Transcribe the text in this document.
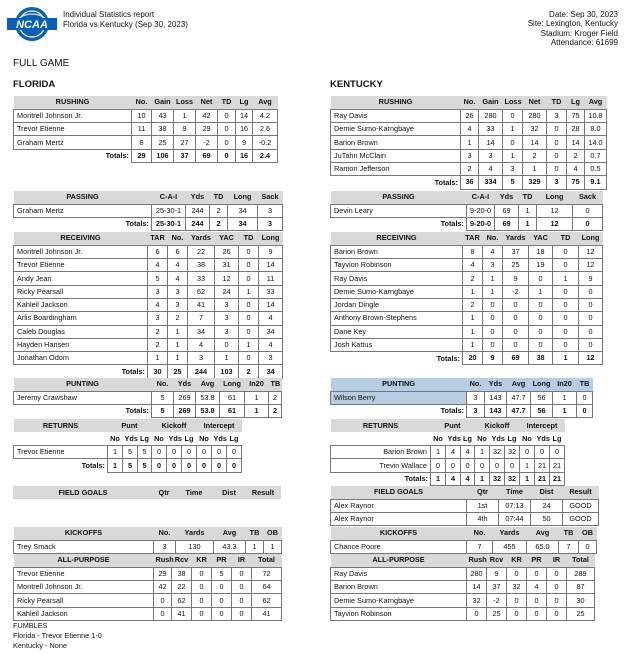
NCAA
Individual Statistics report
Florida vs Kentucky (Sep 30, 2023)
Date: Sep 30, 2023
Site: Lexington, Kentucky
Stadium: Kroger Field
Attendance: 61699
FULL GAME
FLORIDA	KENTUCKY
RUSHING	No.	Gain	Loss	Net	TD	Lg	Avg
Montrell Johnson Jr.	10	43	1	42	0	14	4.2
Trevor Etienne	11	38	9	29	0	16	2.6
Graham Mertz	8	25	27	-2	0	9	-0.2
Totals:	29	106	37	69	0	16	2.4
PASSING	C-A-I	Yds	TD	Long	Sack
Graham Mertz	25-30-1	244	2	34	3
Totals:	25-30-1	244	2	34	3
RECEIVING	TAR	No.	Yards	YAC	TD	Long
Montrell Johnson Jr.	6	6	22	26	0	9
Trevor Etienne	4	4	38	31	0	14
Andy Jean	5	4	33	12	0	11
Ricky Pearsall	3	3	62	24	1	33
Kahleil Jackson	4	3	41	3	0	14
Arlis Boardingham	3	2	7	3	0	4
Caleb Douglas	2	1	34	3	0	34
Hayden Hansen	2	1	4	0	1	4
Jonathan Odom	1	1	3	1	0	3
Totals:	30	25	244	103	2	34
PUNTING	No.	Yds	Avg	Long	In20	TB
Jeremy Crawshaw	5	269	53.8	61	1	2
Totals:	5	269	53.8	61	1	2
RETURNS	Punt			Kickoff			Intercept		
	No	Yds	Lg	No	Yds	Lg	No	Yds	Lg
Trevor Etienne	1	5	5	0	0	0	0	0	0
Totals:	1	5	5	0	0	0	0	0	0
FIELD GOALS	Qtr	Time	Dist	Result
KICKOFFS	No.	Yards	Avg	TB	OB
Trey Smack	3	130	43.3	1	1
ALL-PURPOSE	Rush	Rcv	KR	PR	IR	Total
Trevor Etienne	29	38	0	5	0	72
Montrell Johnson Jr.	42	22	0	0	0	64
Ricky Pearsall	0	62	0	0	0	62
Kahleil Jackson	0	41	0	0	0	41
RUSHING	No.	Gain	Loss	Net	TD	Lg	Avg
Ray Davis	26	280	0	280	3	75	10.8
Demie Sumo-Karngbaye	4	33	1	32	0	28	8.0
Barion Brown	1	14	0	14	0	14	14.0
JuTahn McClain	3	3	1	2	0	2	0.7
Ramon Jefferson	2	4	3	1	0	4	0.5
Totals:	36	334	5	329	3	75	9.1
PASSING	C-A-I	Yds	TD	Long	Sack
Devin Leary	9-20-0	69	1	12	0
Totals:	9-20-0	69	1	12	0
RECEIVING	TAR	No.	Yards	YAC	TD	Long
Barion Brown	8	4	37	18	0	12
Tayvion Robinson	4	3	25	19	0	12
Ray Davis	2	1	9	0	1	9
Demie Sumo-Karngbaye	1	1	-2	1	0	0
Jordan Dingle	2	0	0	0	0	0
Anthony Brown-Stephens	1	0	0	0	0	0
Dane Key	1	0	0	0	0	0
Josh Kattus	1	0	0	0	0	0
Totals:	20	9	69	38	1	12
PUNTING	No.	Yds	Avg	Long	In20	TB
Wilson Berry	3	143	47.7	56	1	0
Totals:	3	143	47.7	56	1	0
RETURNS	Punt			Kickoff			Intercept		
	No	Yds	Lg	No	Yds	Lg	No	Yds	Lg
Barion Brown	1	4	4	1	32	32	0	0	0
Trevin Wallace	0	0	0	0	0	0	1	21	21
Totals:	1	4	4	1	32	32	1	21	21
FIELD GOALS	Qtr	Time	Dist	Result
Alex Raynor	1st	07:13	24	GOOD
Alex Raynor	4th	07:44	50	GOOD
KICKOFFS	No.	Yards	Avg	TB	OB
Chance Poore	7	455	65.0	7	0
ALL-PURPOSE	Rush	Rcv	KR	PR	IR	Total
Ray Davis	280	9	0	0	0	289
Barion Brown	14	37	32	4	0	87
Demie Sumo-Karngbaye	32	-2	0	0	0	30
Tayvion Robinson	0	25	0	0	0	25
FUMBLES
Florida - Trevor Etienne 1-0
Kentucky - None
